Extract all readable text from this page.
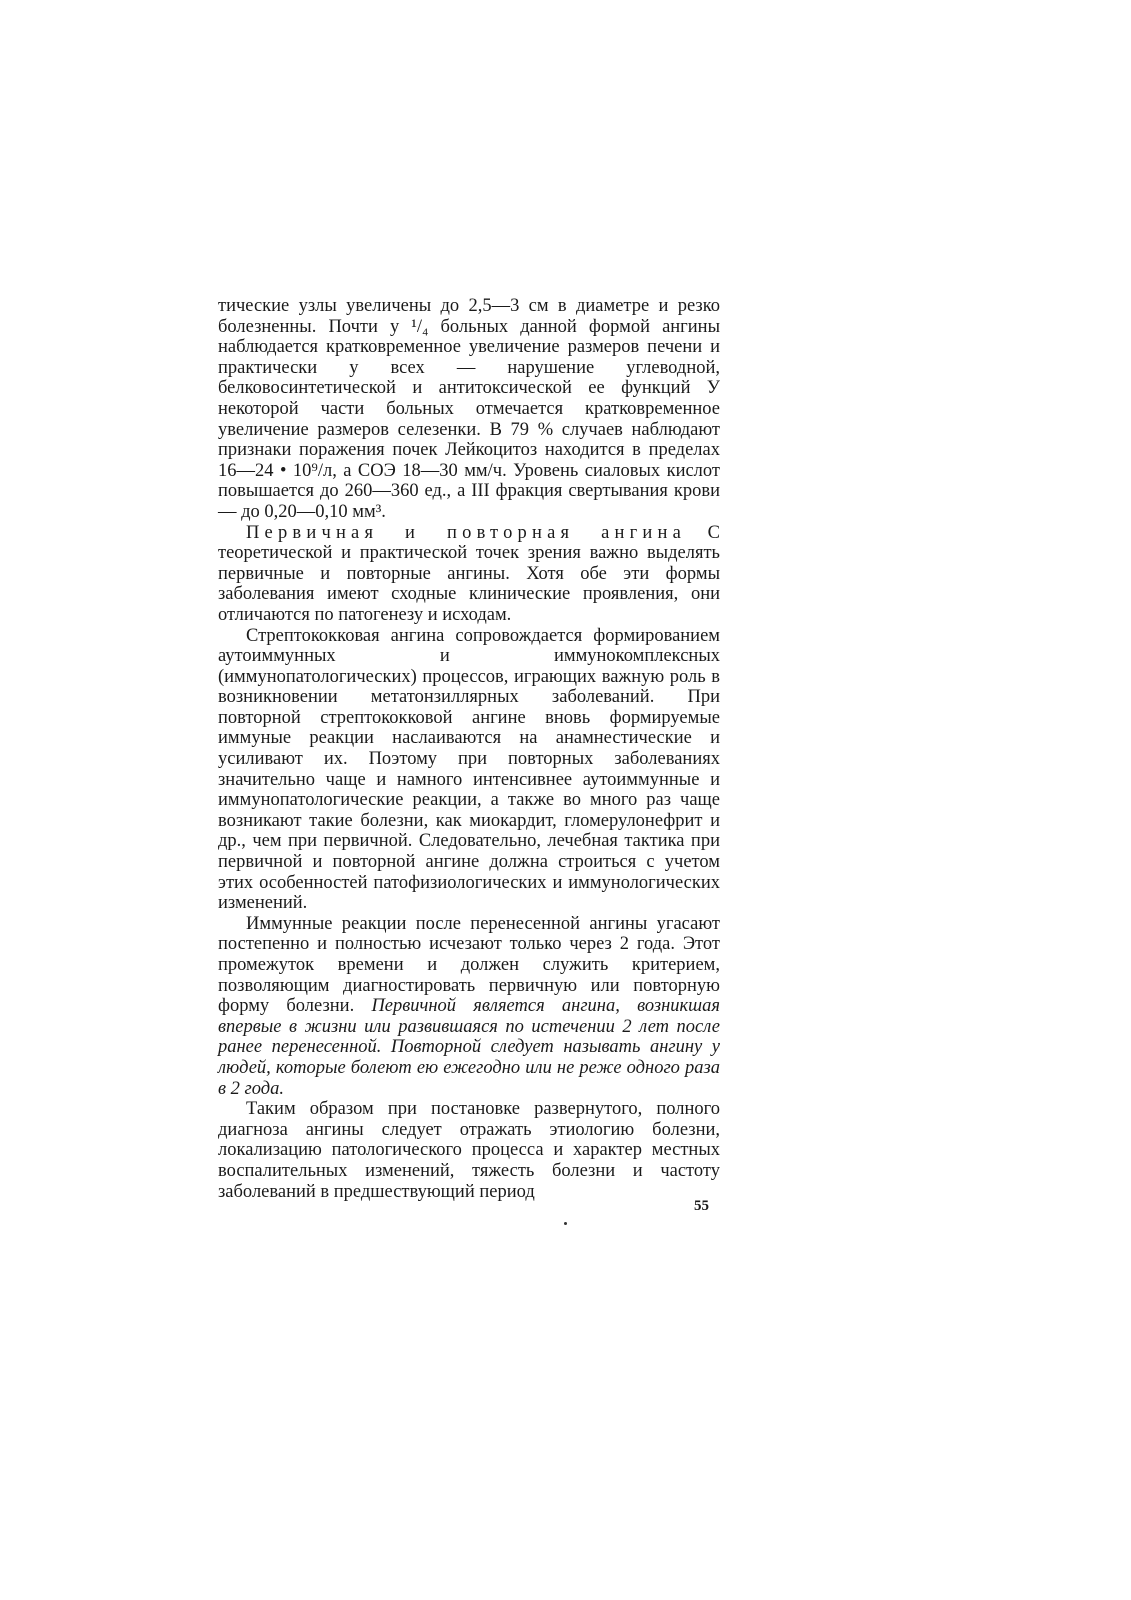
тические узлы увеличены до 2,5—3 см в диаметре и резко болезненны. Почти у ¹/₄ больных данной формой ангины наблюдается кратковременное увеличение размеров печени и практически у всех — нарушение углеводной, белковосинтетической и антитоксической ее функций У некоторой части больных отмечается кратковременное увеличение размеров селезенки. В 79 % случаев наблюдают признаки поражения почек Лейкоцитоз находится в пределах 16—24 • 10⁹/л, а СОЭ 18—30 мм/ч. Уровень сиаловых кислот повышается до 260—360 ед., а III фракция свертывания крови — до 0,20—0,10 мм³.

Первичная и повторная ангина С теоретической и практической точек зрения важно выделять первичные и повторные ангины. Хотя обе эти формы заболевания имеют сходные клинические проявления, они отличаются по патогенезу и исходам.

Стрептококковая ангина сопровождается формированием аутоиммунных и иммунокомплексных (иммунопатологических) процессов, играющих важную роль в возникновении метатонзиллярных заболеваний. При повторной стрептококковой ангине вновь формируемые иммуные реакции наслаиваются на анамнестические и усиливают их. Поэтому при повторных заболеваниях значительно чаще и намного интенсивнее аутоиммунные и иммунопатологические реакции, а также во много раз чаще возникают такие болезни, как миокардит, гломерулонефрит и др., чем при первичной. Следовательно, лечебная тактика при первичной и повторной ангине должна строиться с учетом этих особенностей патофизиологических и иммунологических изменений.

Иммунные реакции после перенесенной ангины угасают постепенно и полностью исчезают только через 2 года. Этот промежуток времени и должен служить критерием, позволяющим диагностировать первичную или повторную форму болезни. Первичной является ангина, возникшая впервые в жизни или развившаяся по истечении 2 лет после ранее перенесенной. Повторной следует называть ангину у людей, которые болеют ею ежегодно или не реже одного раза в 2 года.

Таким образом при постановке развернутого, полного диагноза ангины следует отражать этиологию болезни, локализацию патологического процесса и характер местных воспалительных изменений, тяжесть болезни и частоту заболеваний в предшествующий период

55
